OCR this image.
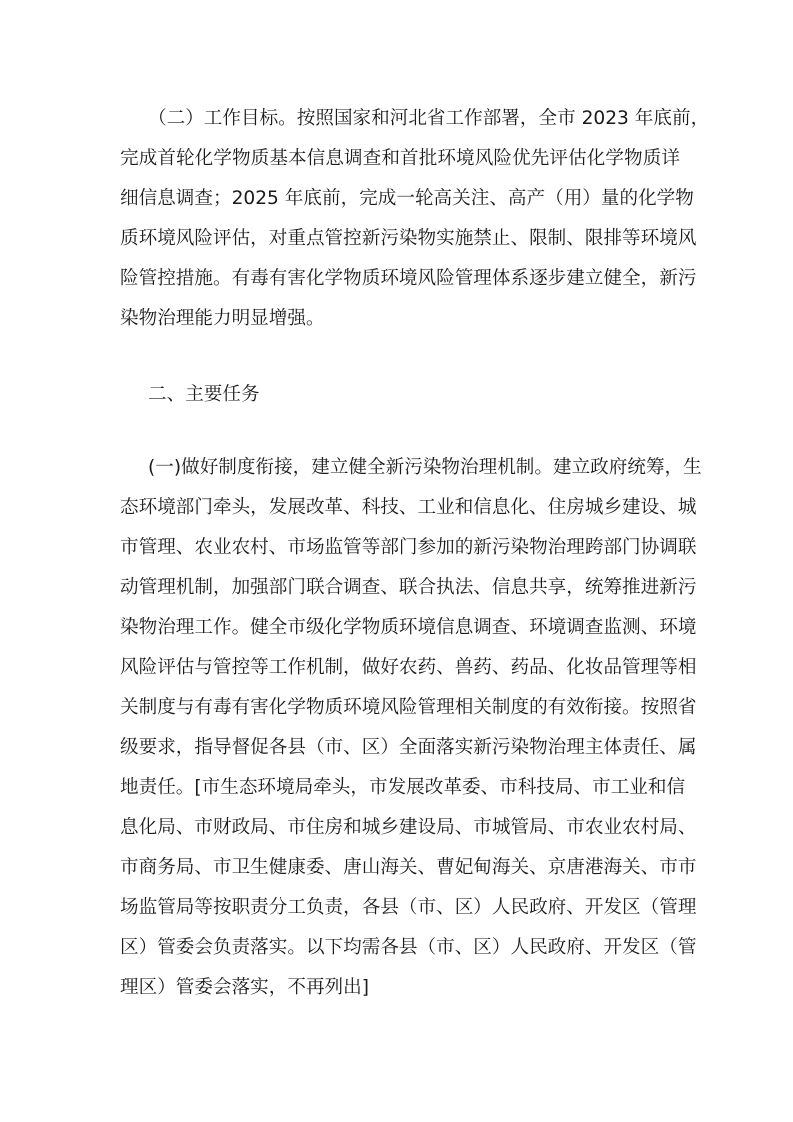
（二）工作目标。按照国家和河北省工作部署，全市 2023 年底前，
完成首轮化学物质基本信息调查和首批环境风险优先评估化学物质详
细信息调查；2025 年底前，完成一轮高关注、高产（用）量的化学物
质环境风险评估，对重点管控新污染物实施禁止、限制、限排等环境风
险管控措施。有毒有害化学物质环境风险管理体系逐步建立健全，新污
染物治理能力明显增强。
二、主要任务
(一)做好制度衔接，建立健全新污染物治理机制。建立政府统筹，生
态环境部门牵头，发展改革、科技、工业和信息化、住房城乡建设、城
市管理、农业农村、市场监管等部门参加的新污染物治理跨部门协调联
动管理机制，加强部门联合调查、联合执法、信息共享，统筹推进新污
染物治理工作。健全市级化学物质环境信息调查、环境调查监测、环境
风险评估与管控等工作机制，做好农药、兽药、药品、化妆品管理等相
关制度与有毒有害化学物质环境风险管理相关制度的有效衔接。按照省
级要求，指导督促各县（市、区）全面落实新污染物治理主体责任、属
地责任。[市生态环境局牵头，市发展改革委、市科技局、市工业和信
息化局、市财政局、市住房和城乡建设局、市城管局、市农业农村局、
市商务局、市卫生健康委、唐山海关、曹妃甸海关、京唐港海关、市市
场监管局等按职责分工负责，各县（市、区）人民政府、开发区（管理
区）管委会负责落实。以下均需各县（市、区）人民政府、开发区（管
理区）管委会落实，不再列出]
